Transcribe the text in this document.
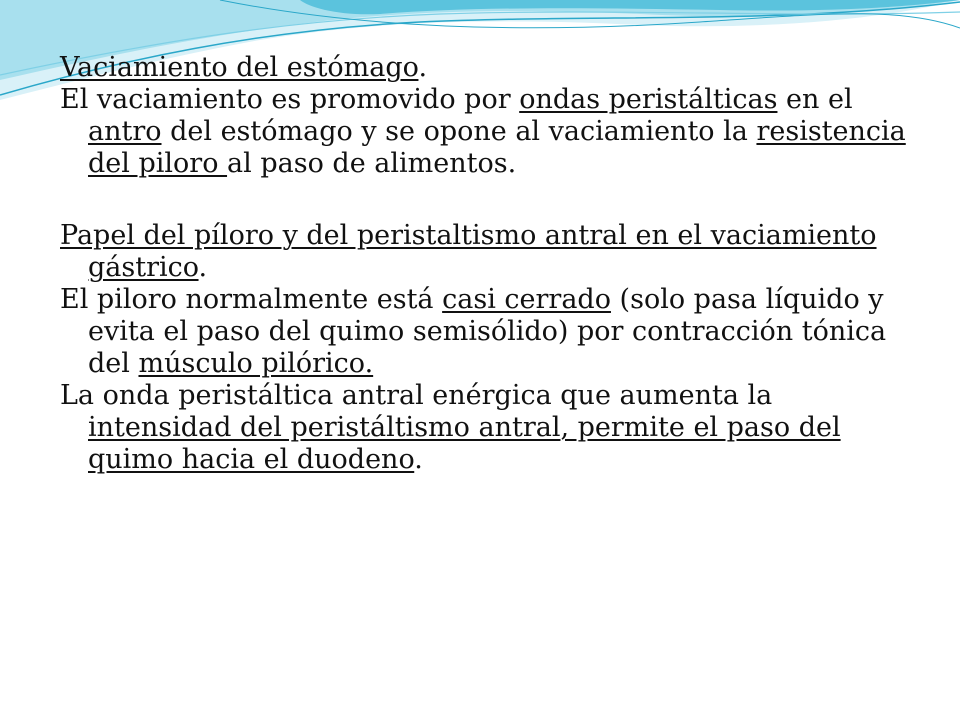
Vaciamiento del estómago.

El vaciamiento es promovido por ondas peristálticas en el antro del estómago y se opone al vaciamiento la resistencia del piloro al paso de alimentos.

Papel del píloro y del peristaltismo antral en el vaciamiento gástrico.

El piloro normalmente está casi cerrado (solo pasa líquido y evita el paso del quimo semisólido) por contracción tónica del músculo pilórico.

La onda peristáltica antral enérgica que aumenta la intensidad del peristáltismo antral, permite el paso del quimo hacia el duodeno.
